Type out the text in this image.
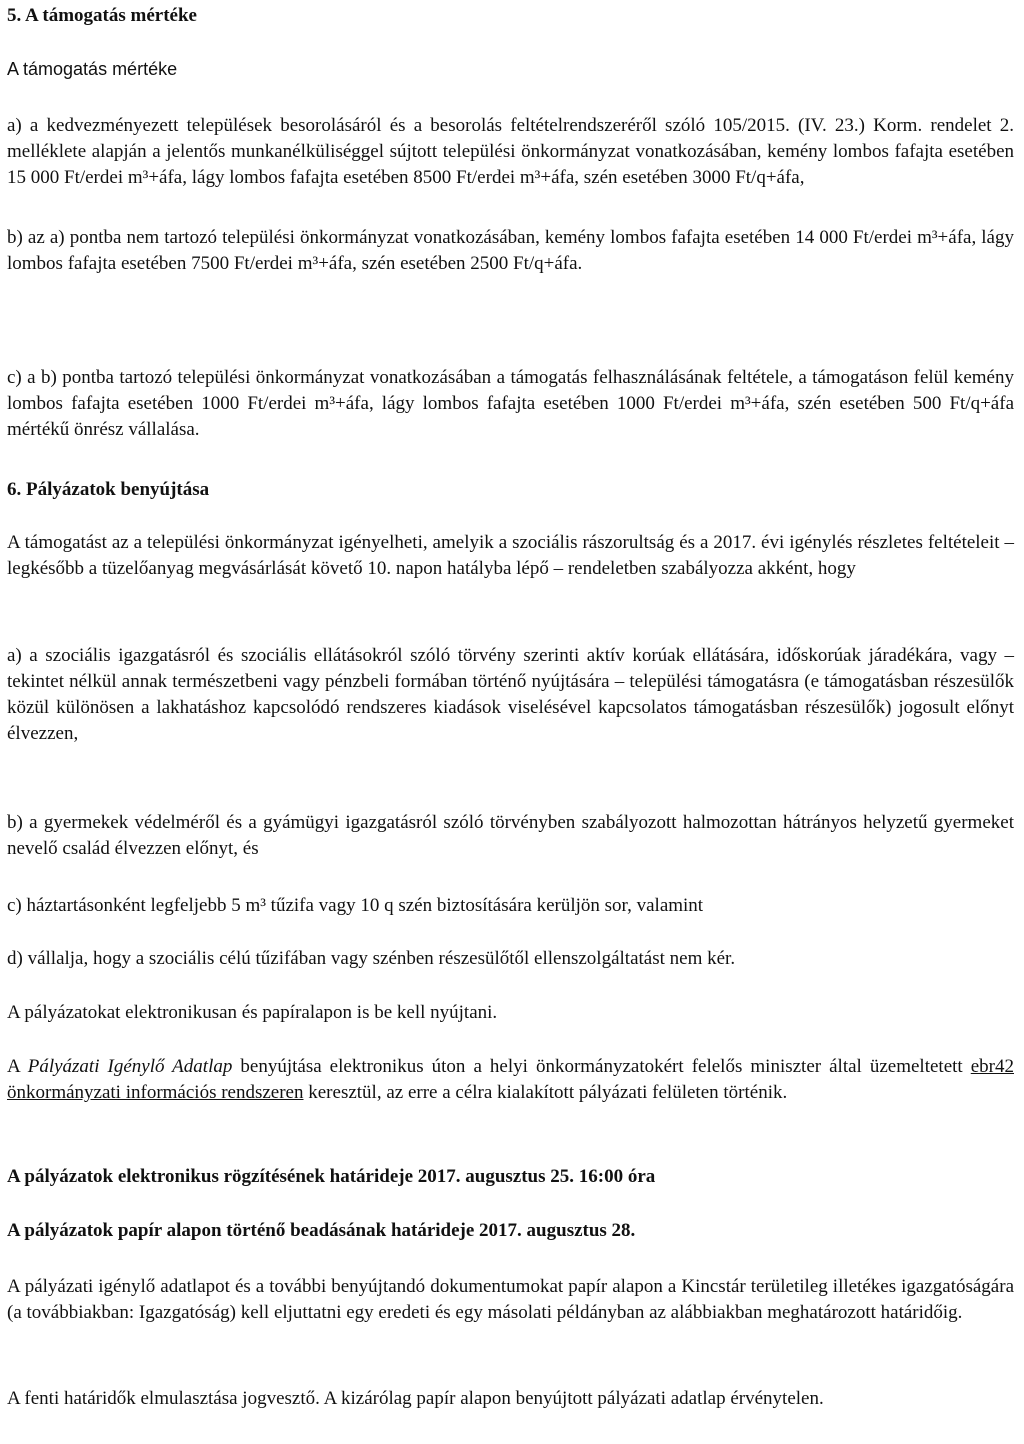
5. A támogatás mértéke

A támogatás mértéke

a) a kedvezményezett települések besorolásáról és a besorolás feltételrendszeréről szóló 105/2015. (IV. 23.) Korm. rendelet 2. melléklete alapján a jelentős munkanélküliséggel sújtott települési önkormányzat vonatkozásában, kemény lombos fafajta esetében 15 000 Ft/erdei m³+áfa, lágy lombos fafajta esetében 8500 Ft/erdei m³+áfa, szén esetében 3000 Ft/q+áfa,

b) az a) pontba nem tartozó települési önkormányzat vonatkozásában, kemény lombos fafajta esetében 14 000 Ft/erdei m³+áfa, lágy lombos fafajta esetében 7500 Ft/erdei m³+áfa, szén esetében 2500 Ft/q+áfa.

c) a b) pontba tartozó települési önkormányzat vonatkozásában a támogatás felhasználásának feltétele, a támogatáson felül kemény lombos fafajta esetében 1000 Ft/erdei m³+áfa, lágy lombos fafajta esetében 1000 Ft/erdei m³+áfa, szén esetében 500 Ft/q+áfa mértékű önrész vállalása.

6. Pályázatok benyújtása

A támogatást az a települési önkormányzat igényelheti, amelyik a szociális rászorultság és a 2017. évi igénylés részletes feltételeit – legkésőbb a tüzelőanyag megvásárlását követő 10. napon hatályba lépő – rendeletben szabályozza akként, hogy

a) a szociális igazgatásról és szociális ellátásokról szóló törvény szerinti aktív korúak ellátására, időskorúak járadékára, vagy – tekintet nélkül annak természetbeni vagy pénzbeli formában történő nyújtására – települési támogatásra (e támogatásban részesülők közül különösen a lakhatáshoz kapcsolódó rendszeres kiadások viselésével kapcsolatos támogatásban részesülők) jogosult előnyt élvezzen,

b) a gyermekek védelméről és a gyámügyi igazgatásról szóló törvényben szabályozott halmozottan hátrányos helyzetű gyermeket nevelő család élvezzen előnyt, és

c) háztartásonként legfeljebb 5 m³ tűzifa vagy 10 q szén biztosítására kerüljön sor, valamint

d) vállalja, hogy a szociális célú tűzifában vagy szénben részesülőtől ellenszolgáltatást nem kér.

A pályázatokat elektronikusan és papíralapon is be kell nyújtani.

A Pályázati Igénylő Adatlap benyújtása elektronikus úton a helyi önkormányzatokért felelős miniszter által üzemeltetett ebr42 önkormányzati információs rendszeren keresztül, az erre a célra kialakított pályázati felületen történik.

A pályázatok elektronikus rögzítésének határideje 2017. augusztus 25. 16:00 óra

A pályázatok papír alapon történő beadásának határideje 2017. augusztus 28.

A pályázati igénylő adatlapot és a további benyújtandó dokumentumokat papír alapon a Kincstár területileg illetékes igazgatóságára (a továbbiakban: Igazgatóság) kell eljuttatni egy eredeti és egy másolati példányban az alábbiakban meghatározott határidőig.

A fenti határidők elmulasztása jogvesztő. A kizárólag papír alapon benyújtott pályázati adatlap érvénytelen.
